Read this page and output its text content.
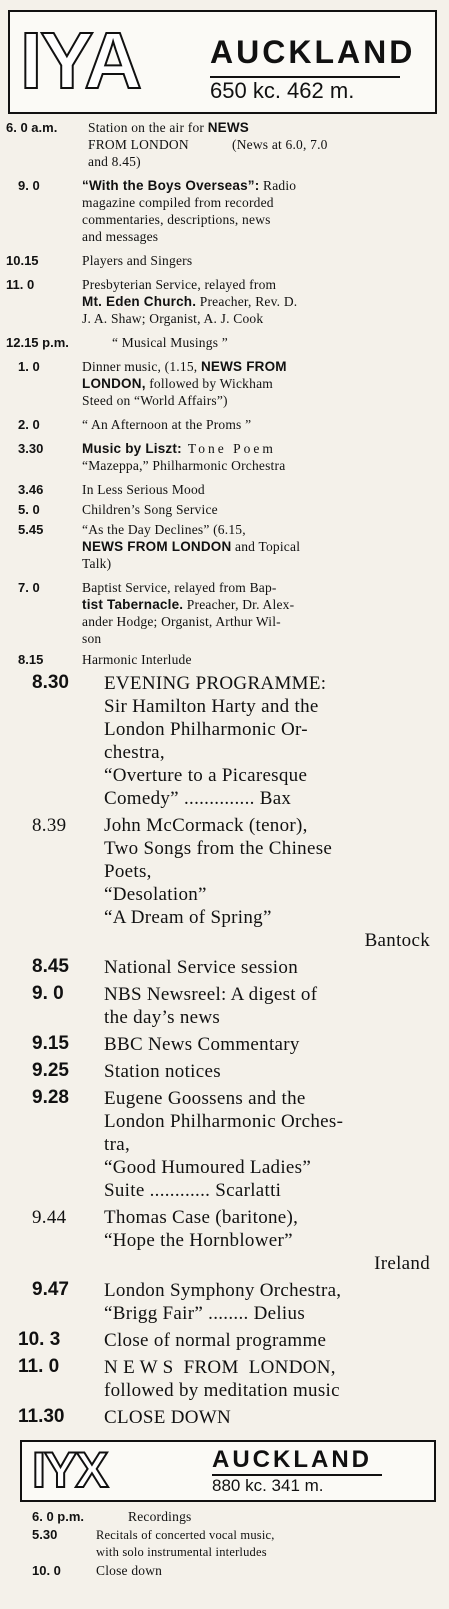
IYA AUCKLAND
650 kc. 462 m.
6. 0 a.m. Station on the air for NEWS
FROM LONDON	(News at 6.0, 7.0
and 8.45)
9. 0	“With the Boys Overseas”: Radio
magazine compiled from recorded
commentaries, descriptions, news
and messages
10.15	Players and Singers
11. 0	Presbyterian Service, relayed from
Mt. Eden Church. Preacher, Rev. D.
J. A. Shaw; Organist, A. J. Cook
12.15 p.m.	“ Musical Musings ”
1. 0	Dinner music, (1.15, NEWS FROM
LONDON, followed by Wickham
Steed on “World Affairs”)
2. 0	“ An Afternoon at the Proms ”
3.30	Music by Liszt: Tone Poem
“Mazeppa,” Philharmonic Orchestra
3.46	In Less Serious Mood
5. 0	Children’s Song Service
5.45	“As the Day Declines” (6.15,
NEWS FROM LONDON and Topical
Talk)
7. 0	Baptist Service, relayed from Bap-
tist Tabernacle. Preacher, Dr. Alex-
ander Hodge; Organist, Arthur Wil-
son
8.15	Harmonic Interlude
8.30 EVENING PROGRAMME:
Sir Hamilton Harty and the
London Philharmonic Or-
chestra,
“Overture to a Picaresque
Comedy” .............. Bax
8.39 John McCormack (tenor),
Two Songs from the Chinese
Poets,
“Desolation”
“A Dream of Spring”
Bantock
8.45 National Service session
9. 0 NBS Newsreel: A digest of
the day’s news
9.15 BBC News Commentary
9.25 Station notices
9.28 Eugene Goossens and the
London Philharmonic Orches-
tra,
“Good Humoured Ladies”
Suite ............ Scarlatti
9.44 Thomas Case (baritone),
“Hope the Hornblower”
Ireland
9.47 London Symphony Orchestra,
“Brigg Fair” ........ Delius
10. 3 Close of normal programme
11. 0 N E W S  FROM  LONDON,
followed by meditation music
11.30 CLOSE DOWN
IYX	AUCKLAND
880 kc. 341 m.
6. 0 p.m.	Recordings
5.30	Recitals of concerted vocal music,
with solo instrumental interludes
10. 0	Close down
